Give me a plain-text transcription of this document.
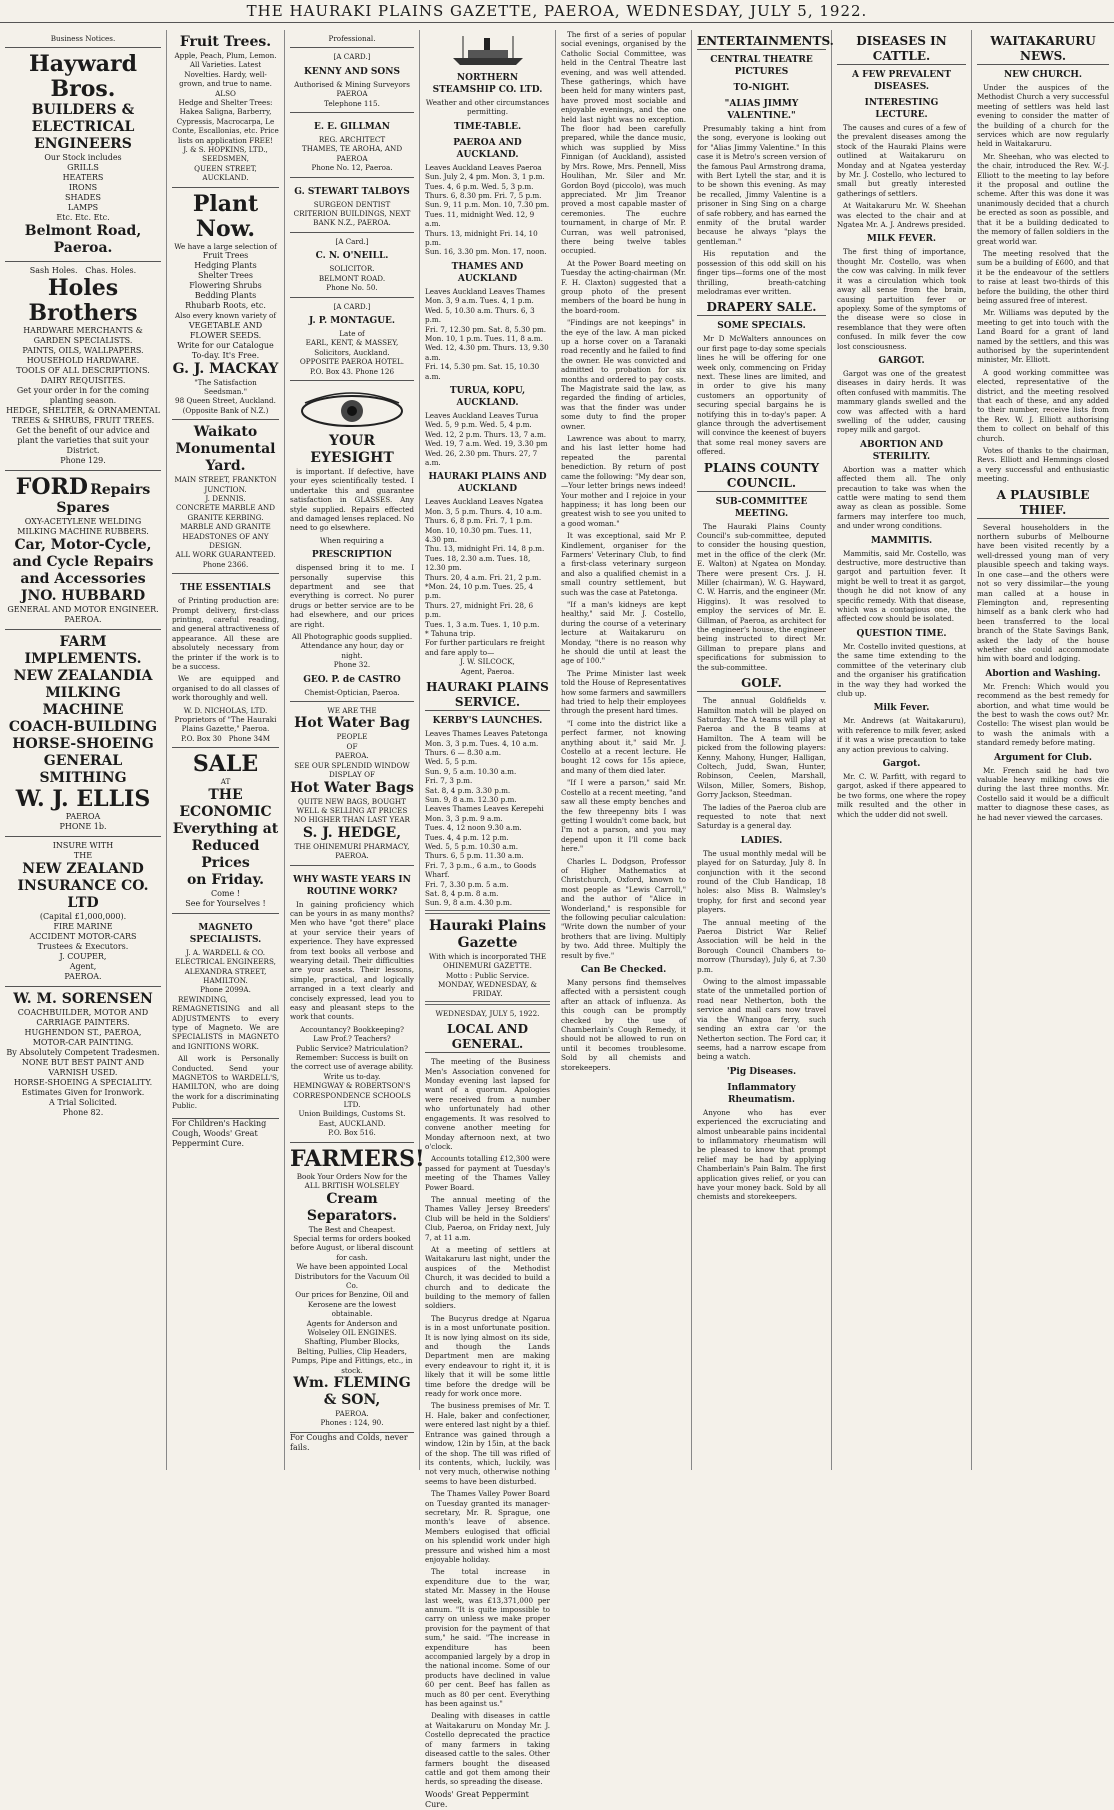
THE HAURAKI PLAINS GAZETTE, PAEROA, WEDNESDAY, JULY 5, 1922.
Business Notices.
Hayward Bros.
BUILDERS &
ELECTRICAL
ENGINEERS
Our Stock includes
GRILLS
HEATERS
IRONS
SHADES
LAMPS
Etc. Etc. Etc.
Belmont Road, Paeroa.
Sash Holes. Chas. Holes.
Holes Brothers
HARDWARE MERCHANTS & GARDEN SPECIALISTS.
PAINTS, OILS, WALLPAPERS.
HOUSEHOLD HARDWARE.
TOOLS OF ALL DESCRIPTIONS. DAIRY REQUISITES.
Get your order in for the coming planting season.
HEDGE, SHELTER, & ORNAMENTAL TREES & SHRUBS, FRUIT TREES.
Get the benefit of our advice and plant the varieties that suit your District.
Phone 129.
FORD Repairs Spares
OXY-ACETYLENE WELDING
MILKING MACHINE RUBBERS.
Car, Motor-Cycle, and Cycle Repairs and Accessories
JNO. HUBBARD
GENERAL AND MOTOR ENGINEER.
PAEROA.
FARM IMPLEMENTS.
NEW ZEALANDIA
MILKING
MACHINE
COACH-BUILDING
HORSE-SHOEING
GENERAL
SMITHING
W. J. ELLIS
PAEROA
PHONE 1b.
INSURE WITH
THE
NEW ZEALAND
INSURANCE CO. LTD
(Capital £1,000,000).
FIRE MARINE
ACCIDENT MOTOR-CARS
Trustees & Executors.
J. COUPER,
Agent,
PAEROA.
W. M. SORENSEN
COACHBUILDER, MOTOR AND CARRIAGE PAINTERS.
HUGHENDON ST., PAEROA,
MOTOR-CAR PAINTING.
By Absolutely Competent Tradesmen.
NONE BUT BEST PAINT AND VARNISH USED.
HORSE-SHOEING A SPECIALITY.
Estimates Given for Ironwork.
A Trial Solicited.
Phone 82.
Fruit Trees.
Apple, Peach, Plum, Lemon. All Varieties. Latest Novelties. Hardy, well-grown, and true to name.
ALSO
Hedge and Shelter Trees: Hakea Saligna, Barberry, Cypressis, Macrocarpa, Le Conte, Escallonias, etc. Price lists on application FREE!
J. & S. HOPKINS, LTD.,
SEEDSMEN,
QUEEN STREET, AUCKLAND.
Plant Now.
We have a large selection of
Fruit Trees
Hedging Plants
Shelter Trees
Flowering Shrubs
Bedding Plants
Rhubarb Roots, etc.
Also every known variety of
VEGETABLE AND FLOWER SEEDS.
Write for our Catalogue To-day. It's Free.
G. J. MACKAY
"The Satisfaction Seedsman."
98 Queen Street, Auckland.
(Opposite Bank of N.Z.)
Waikato
Monumental Yard.
MAIN STREET, FRANKTON JUNCTION.
J. DENNIS.
CONCRETE MARBLE AND GRANITE KERBING.
MARBLE AND GRANITE HEADSTONES OF ANY DESIGN.
ALL WORK GUARANTEED.
Phone 2366.
THE ESSENTIALS

of Printing production are: Prompt delivery, first-class printing, careful reading, and general attractiveness of appearance. All these are absolutely necessary from the printer if the work is to be a success.

We are equipped and organised to do all classes of work thoroughly and well.

W. D. NICHOLAS, LTD.
Proprietors of "The Hauraki Plains Gazette," Paeroa.
P.O. Box 30 Phone 34M
SALE
AT
THE ECONOMIC
Everything at
Reduced Prices
on Friday.
Come !
See for Yourselves !
MAGNETO SPECIALISTS.
J. A. WARDELL & CO.
ELECTRICAL ENGINEERS, ALEXANDRA STREET, HAMILTON.
Phone 2099A.

REWINDING, REMAGNETISING and all ADJUSTMENTS to every type of Magneto. We are SPECIALISTS in MAGNETO and IGNITIONS WORK.

All work is Personally Conducted. Send your MAGNETOS to WARDELL'S, HAMILTON, who are doing the work for a discriminating Public.

For Children's Hacking Cough, Woods' Great Peppermint Cure.
Professional.
[A CARD.]
KENNY AND SONS
Authorised & Mining Surveyors
PAEROA
Telephone 115.
E. E. GILLMAN
REG. ARCHITECT
THAMES, TE AROHA, AND PAEROA
Phone No. 12, Paeroa.
G. STEWART TALBOYS
SURGEON DENTIST
CRITERION BUILDINGS, NEXT BANK N.Z., PAEROA.
[A Card.]
C. N. O'NEILL.
SOLICITOR.
BELMONT ROAD.
Phone No. 50.
[A CARD.]
J. P. MONTAGUE.
Late of
EARL, KENT, & MASSEY, Solicitors, Auckland.
OPPOSITE PAEROA HOTEL.
P.O. Box 43. Phone 126
YOUR EYESIGHT

is important. If defective, have your eyes scientifically tested. I undertake this and guarantee satisfaction in GLASSES. Any style supplied. Repairs effected and damaged lenses replaced. No need to go elsewhere.

When requiring a
PRESCRIPTION

dispensed bring it to me. I personally supervise this department and see that everything is correct. No purer drugs or better service are to be had elsewhere, and our prices are right.

All Photographic goods supplied.
Attendance any hour, day or night.
Phone 32.
GEO. P. de CASTRO
Chemist-Optician, Paeroa.
WE ARE THE
Hot Water Bag
PEOPLE
OF
PAEROA.
SEE OUR SPLENDID WINDOW DISPLAY OF
Hot Water Bags
QUITE NEW BAGS, BOUGHT WELL & SELLING AT PRICES NO HIGHER THAN LAST YEAR
S. J. HEDGE,
THE OHINEMURI PHARMACY, PAEROA.
WHY WASTE YEARS IN ROUTINE WORK?

In gaining proficiency which can be yours in as many months? Men who have "got there" place at your service their years of experience. They have expressed from text books all verbose and wearying detail. Their difficulties are your assets. Their lessons, simple, practical, and logically arranged in a text clearly and concisely expressed, lead you to easy and pleasant steps to the work that counts.

Accountancy? Bookkeeping?
Law Prof.? Teachers?
Public Service? Matriculation?
Remember: Success is built on the correct use of average ability.
Write us to-day.
HEMINGWAY & ROBERTSON'S CORRESPONDENCE SCHOOLS LTD.
Union Buildings, Customs St. East, AUCKLAND.
P.O. Box 516.
FARMERS!
Book Your Orders Now for the ALL BRITISH WOLSELEY
Cream Separators.
The Best and Cheapest.
Special terms for orders booked before August, or liberal discount for cash.
We have been appointed Local Distributors for the Vacuum Oil Co.
Our prices for Benzine, Oil and Kerosene are the lowest obtainable.
Agents for Anderson and Wolseley OIL ENGINES.
Shafting, Plumber Blocks, Belting, Pullies, Clip Headers, Pumps, Pipe and Fittings, etc., in stock.
Wm. FLEMING & SON,
PAEROA.
Phones : 124, 90.
For Coughs and Colds, never fails.
NORTHERN STEAMSHIP CO. LTD.
Weather and other circumstances permitting.
TIME-TABLE.
PAEROA AND AUCKLAND.
Leaves Auckland Leaves Paeroa
Sun. July 2, 4 pm. Mon. 3, 1 p.m.
Tues. 4, 6 p.m. Wed. 5, 3 p.m.
Thurs. 6, 8.30 pm. Fri. 7, 5 p.m.
Sun. 9, 11 p.m. Mon. 10, 7.30 pm.
Tues. 11, midnight Wed. 12, 9 a.m.
Thurs. 13, midnight Fri. 14, 10 p.m.
Sun. 16, 3.30 pm. Mon. 17, noon.
THAMES AND AUCKLAND
Leaves Auckland Leaves Thames
Mon. 3, 9 a.m. Tues. 4, 1 p.m.
Wed. 5, 10.30 a.m. Thurs. 6, 3 p.m.
Fri. 7, 12.30 pm. Sat. 8, 5.30 pm.
Mon. 10, 1 p.m. Tues. 11, 8 a.m.
Wed. 12, 4.30 pm. Thurs. 13, 9.30 a.m.
Fri. 14, 5.30 pm. Sat. 15, 10.30 a.m.
TURUA, KOPU, AUCKLAND.
Leaves Auckland Leaves Turua
Wed. 5, 9 p.m. Wed. 5, 4 p.m.
Wed. 12, 2 p.m. Thurs. 13, 7 a.m.
Wed. 19, 7 a.m. Wed. 19, 3.30 pm
Wed. 26, 2.30 pm. Thurs. 27, 7 a.m.
HAURAKI PLAINS AND AUCKLAND
Leaves Auckland Leaves Ngatea
Mon. 3, 5 p.m. Thurs. 4, 10 a.m.
Thurs. 6, 8 p.m. Fri. 7, 1 p.m.
Mon. 10, 10.30 pm. Tues. 11, 4.30 pm.
Thu. 13, midnight Fri. 14, 8 p.m.
Tues. 18, 2.30 a.m. Tues. 18, 12.30 pm.
Thurs. 20, 4 a.m. Fri. 21, 2 p.m.
*Mon. 24, 10 p.m. Tues. 25, 4 p.m.
Thurs. 27, midnight Fri. 28, 6 p.m.
Tues. 1, 3 a.m. Tues. 1, 10 p.m.
* Tahuna trip.
For further particulars re freight and fare apply to—
J. W. SILCOCK,
Agent, Paeroa.
HAURAKI PLAINS SERVICE.
KERBY'S LAUNCHES.
Leaves Thames Leaves Patetonga
Mon. 3, 3 p.m. Tues. 4, 10 a.m.
Thurs. 6 — 8.30 a.m.
Wed. 5, 5 p.m.
Sun. 9, 5 a.m. 10.30 a.m.
Fri. 7, 3 p.m.
Sat. 8, 4 p.m. 3.30 p.m.
Sun. 9, 8 a.m. 12.30 p.m.
Leaves Thames Leaves Kerepehi
Mon. 3, 3 p.m. 9 a.m.
Tues. 4, 12 noon 9.30 a.m.
Tues. 4, 4 p.m. 12 p.m.
Wed. 5, 5 p.m. 10.30 a.m.
Thurs. 6, 5 p.m. 11.30 a.m.
Fri. 7, 3 p.m., 6 a.m., to Goods Wharf.
Fri. 7, 3.30 p.m. 5 a.m.
Sat. 8, 4 p.m. 8 a.m.
Sun. 9, 8 a.m. 4.30 p.m.
Hauraki Plains Gazette
With which is incorporated THE OHINEMURI GAZETTE.
Motto : Public Service.
MONDAY, WEDNESDAY, & FRIDAY.
WEDNESDAY, JULY 5, 1922.
LOCAL AND GENERAL.

The meeting of the Business Men's Association convened for Monday evening last lapsed for want of a quorum. Apologies were received from a number who unfortunately had other engagements. It was resolved to convene another meeting for Monday afternoon next, at two o'clock.

Accounts totalling £12,300 were passed for payment at Tuesday's meeting of the Thames Valley Power Board.

The annual meeting of the Thames Valley Jersey Breeders' Club will be held in the Soldiers' Club, Paeroa, on Friday next, July 7, at 11 a.m.

At a meeting of settlers at Waitakaruru last night, under the auspices of the Methodist Church, it was decided to build a church and to dedicate the building to the memory of fallen soldiers.

The Bucyrus dredge at Ngarua is in a most unfortunate position. It is now lying almost on its side, and though the Lands Department men are making every endeavour to right it, it is likely that it will be some little time before the dredge will be ready for work once more.

The business premises of Mr. T. H. Hale, baker and confectioner, were entered last night by a thief. Entrance was gained through a window, 12in by 15in, at the back of the shop. The till was rifled of its contents, which, luckily, was not very much, otherwise nothing seems to have been disturbed.

The Thames Valley Power Board on Tuesday granted its manager-secretary, Mr. R. Sprague, one month's leave of absence. Members eulogised that official on his splendid work under high pressure and wished him a most enjoyable holiday.

The total increase in expenditure due to the war, stated Mr. Massey in the House last week, was £13,371,000 per annum. "It is quite impossible to carry on unless we make proper provision for the payment of that sum," he said. "The increase in expenditure has been accompanied largely by a drop in the national income. Some of our products have declined in value 60 per cent. Beef has fallen as much as 80 per cent. Everything has been against us."

Dealing with diseases in cattle at Waitakaruru on Monday Mr. J. Costello deprecated the practice of many farmers in taking diseased cattle to the sales. Other farmers bought the diseased cattle and got them among their herds, so spreading the disease.

Woods' Great Peppermint Cure.

The first of a series of popular social evenings, organised by the Catholic Social Committee, was held in the Central Theatre last evening, and was well attended. These gatherings, which have been held for many winters past, have proved most sociable and enjoyable evenings, and the one held last night was no exception. The floor had been carefully prepared, while the dance music, which was supplied by Miss Finnigan (of Auckland), assisted by Mrs. Rowe, Mrs. Pennell, Miss Houlihan, Mr. Siler and Mr. Gordon Boyd (piccolo), was much appreciated. Mr Jim Treanor proved a most capable master of ceremonies. The euchre tournament, in charge of Mr. P. Curran, was well patronised, there being twelve tables occupied.

At the Power Board meeting on Tuesday the acting-chairman (Mr. F. H. Claxton) suggested that a group photo of the present members of the board be hung in the board-room.

"Findings are not keepings" in the eye of the law. A man picked up a horse cover on a Taranaki road recently and he failed to find the owner. He was convicted and admitted to probation for six months and ordered to pay costs. The Magistrate said the law, as regarded the finding of articles, was that the finder was under some duty to find the proper owner.

Lawrence was about to marry, and his last letter home had repeated the parental benediction. By return of post came the following: "My dear son,—Your letter brings news indeed! Your mother and I rejoice in your happiness; it has long been our greatest wish to see you united to a good woman."

It was exceptional, said Mr P. Kindlement, organiser for the Farmers' Veterinary Club, to find a first-class veterinary surgeon and also a qualified chemist in a small country settlement, but such was the case at Patetonga.

"If a man's kidneys are kept healthy," said Mr. J. Costello, during the course of a veterinary lecture at Waitakaruru on Monday, "there is no reason why he should die until at least the age of 100."

The Prime Minister last week told the House of Representatives how some farmers and sawmillers had tried to help their employees through the present hard times.

"I come into the district like a perfect farmer, not knowing anything about it," said Mr. J. Costello at a recent lecture. He bought 12 cows for 15s apiece, and many of them died later.

"If I were a parson," said Mr. Costello at a recent meeting, "and saw all these empty benches and the few threepenny bits I was getting I wouldn't come back, but I'm not a parson, and you may depend upon it I'll come back here."

Charles L. Dodgson, Professor of Higher Mathematics at Christchurch, Oxford, known to most people as "Lewis Carroll," and the author of "Alice in Wonderland," is responsible for the following peculiar calculation: "Write down the number of your brothers that are living. Multiply by two. Add three. Multiply the result by five."

Can Be Checked.

Many persons find themselves affected with a persistent cough after an attack of influenza. As this cough can be promptly checked by the use of Chamberlain's Cough Remedy, it should not be allowed to run on until it becomes troublesome. Sold by all chemists and storekeepers.

ENTERTAINMENTS.
CENTRAL THEATRE PICTURES
TO-NIGHT.
"ALIAS JIMMY VALENTINE."

Presumably taking a hint from the song, everyone is looking out for "Alias Jimmy Valentine." In this case it is Metro's screen version of the famous Paul Armstrong drama, with Bert Lytell the star, and it is to be shown this evening. As may be recalled, Jimmy Valentine is a prisoner in Sing Sing on a charge of safe robbery, and has earned the enmity of the brutal warder because he always "plays the gentleman."

His reputation and the possession of this odd skill on his finger tips—forms one of the most thrilling, breath-catching melodramas ever written.

DRAPERY SALE.
SOME SPECIALS.

Mr D McWalters announces on our first page to-day some specials lines he will be offering for one week only, commencing on Friday next. These lines are limited, and in order to give his many customers an opportunity of securing special bargains he is notifying this in to-day's paper. A glance through the advertisement will convince the keenest of buyers that some real money savers are offered.

PLAINS COUNTY COUNCIL.
SUB-COMMITTEE MEETING.

The Hauraki Plains County Council's sub-committee, deputed to consider the housing question, met in the office of the clerk (Mr. E. Walton) at Ngatea on Monday. There were present Crs. J. H. Miller (chairman), W. G. Hayward, C. W. Harris, and the engineer (Mr. Higgins). It was resolved to employ the services of Mr. E. Gillman, of Paeroa, as architect for the engineer's house, the engineer being instructed to direct Mr. Gillman to prepare plans and specifications for submission to the sub-committee.

GOLF.

The annual Goldfields v. Hamilton match will be played on Saturday. The A teams will play at Paeroa and the B teams at Hamilton. The A team will be picked from the following players: Kenny, Mahony, Hunger, Halligan, Coltech, Judd, Swan, Hunter, Robinson, Ceelen, Marshall, Wilson, Miller, Somers, Bishop, Gorry Jackson, Steedman.

The ladies of the Paeroa club are requested to note that next Saturday is a general day.

LADIES.

The usual monthly medal will be played for on Saturday, July 8. In conjunction with it the second round of the Club Handicap, 18 holes: also Miss B. Walmsley's trophy, for first and second year players.

The annual meeting of the Paeroa District War Relief Association will be held in the Borough Council Chambers to-morrow (Thursday), July 6, at 7.30 p.m.

Owing to the almost impassable state of the unmetalled portion of road near Netherton, both the service and mail cars now travel via the Whangoa ferry, such sending an extra car 'or the Netherton section. The Ford car, it seems, had a narrow escape from being a watch.

'Pig Diseases.
Inflammatory Rheumatism.

Anyone who has ever experienced the excruciating and almost unbearable pains incidental to inflammatory rheumatism will be pleased to know that prompt relief may be had by applying Chamberlain's Pain Balm. The first application gives relief, or you can have your money back. Sold by all chemists and storekeepers.

DISEASES IN CATTLE.
A FEW PREVALENT DISEASES.
INTERESTING LECTURE.

The causes and cures of a few of the prevalent diseases among the stock of the Hauraki Plains were outlined at Waitakaruru on Monday and at Ngatea yesterday by Mr. J. Costello, who lectured to small but greatly interested gatherings of settlers.

At Waitakaruru Mr. W. Sheehan was elected to the chair and at Ngatea Mr. A. J. Andrews presided.

MILK FEVER.

The first thing of importance, thought Mr. Costello, was when the cow was calving. In milk fever it was a circulation which took away all sense from the brain, causing partuition fever or apoplexy. Some of the symptoms of the disease were so close in resemblance that they were often confused. In milk fever the cow lost consciousness.

GARGOT.

Gargot was one of the greatest diseases in dairy herds. It was often confused with mammitis. The mammary glands swelled and the cow was affected with a hard swelling of the udder, causing ropey milk and gargot.

ABORTION AND STERILITY.

Abortion was a matter which affected them all. The only precaution to take was when the cattle were mating to send them away as clean as possible. Some farmers may interfere too much, and under wrong conditions.

MAMMITIS.

Mammitis, said Mr. Costello, was destructive, more destructive than gargot and partuition fever. It might be well to treat it as gargot, though he did not know of any specific remedy. With that disease, which was a contagious one, the affected cow should be isolated.

QUESTION TIME.

Mr. Costello invited questions, at the same time extending to the committee of the veterinary club and the organiser his gratification in the way they had worked the club up.

Milk Fever.

Mr. Andrews (at Waitakaruru), with reference to milk fever, asked if it was a wise precaution to take any action previous to calving.

Gargot.

Mr. C. W. Parfitt, with regard to gargot, asked if there appeared to be two forms, one where the ropey milk resulted and the other in which the udder did not swell.

WAITAKARURU NEWS.
NEW CHURCH.

Under the auspices of the Methodist Church a very successful meeting of settlers was held last evening to consider the matter of the building of a church for the services which are now regularly held in Waitakaruru.

Mr. Sheehan, who was elected to the chair, introduced the Rev. W.-J. Elliott to the meeting to lay before it the proposal and outline the scheme. After this was done it was unanimously decided that a church be erected as soon as possible, and that it be a building dedicated to the memory of fallen soldiers in the great world war.

The meeting resolved that the sum be a building of £600, and that it be the endeavour of the settlers to raise at least two-thirds of this before the building, the other third being assured free of interest.

Mr. Williams was deputed by the meeting to get into touch with the Land Board for a grant of land named by the settlers, and this was authorised by the superintendent minister, Mr. Elliott.

A good working committee was elected, representative of the district, and the meeting resolved that each of these, and any added to their number, receive lists from the Rev. W. J. Elliott authorising them to collect on behalf of this church.

Votes of thanks to the chairman, Revs. Elliott and Hemmings closed a very successful and enthusiastic meeting.

A PLAUSIBLE THIEF.

Several householders in the northern suburbs of Melbourne have been visited recently by a well-dressed young man of very plausible speech and taking ways. In one case—and the others were not so very dissimilar—the young man called at a house in Flemington and, representing himself as a bank clerk who had been transferred to the local branch of the State Savings Bank, asked the lady of the house whether she could accommodate him with board and lodging.

Abortion and Washing.

Mr. French: Which would you recommend as the best remedy for abortion, and what time would be the best to wash the cows out? Mr. Costello: The wisest plan would be to wash the animals with a standard remedy before mating.

Argument for Club.

Mr. French said he had two valuable heavy milking cows die during the last three months. Mr. Costello said it would be a difficult matter to diagnose these cases, as he had never viewed the carcases.
